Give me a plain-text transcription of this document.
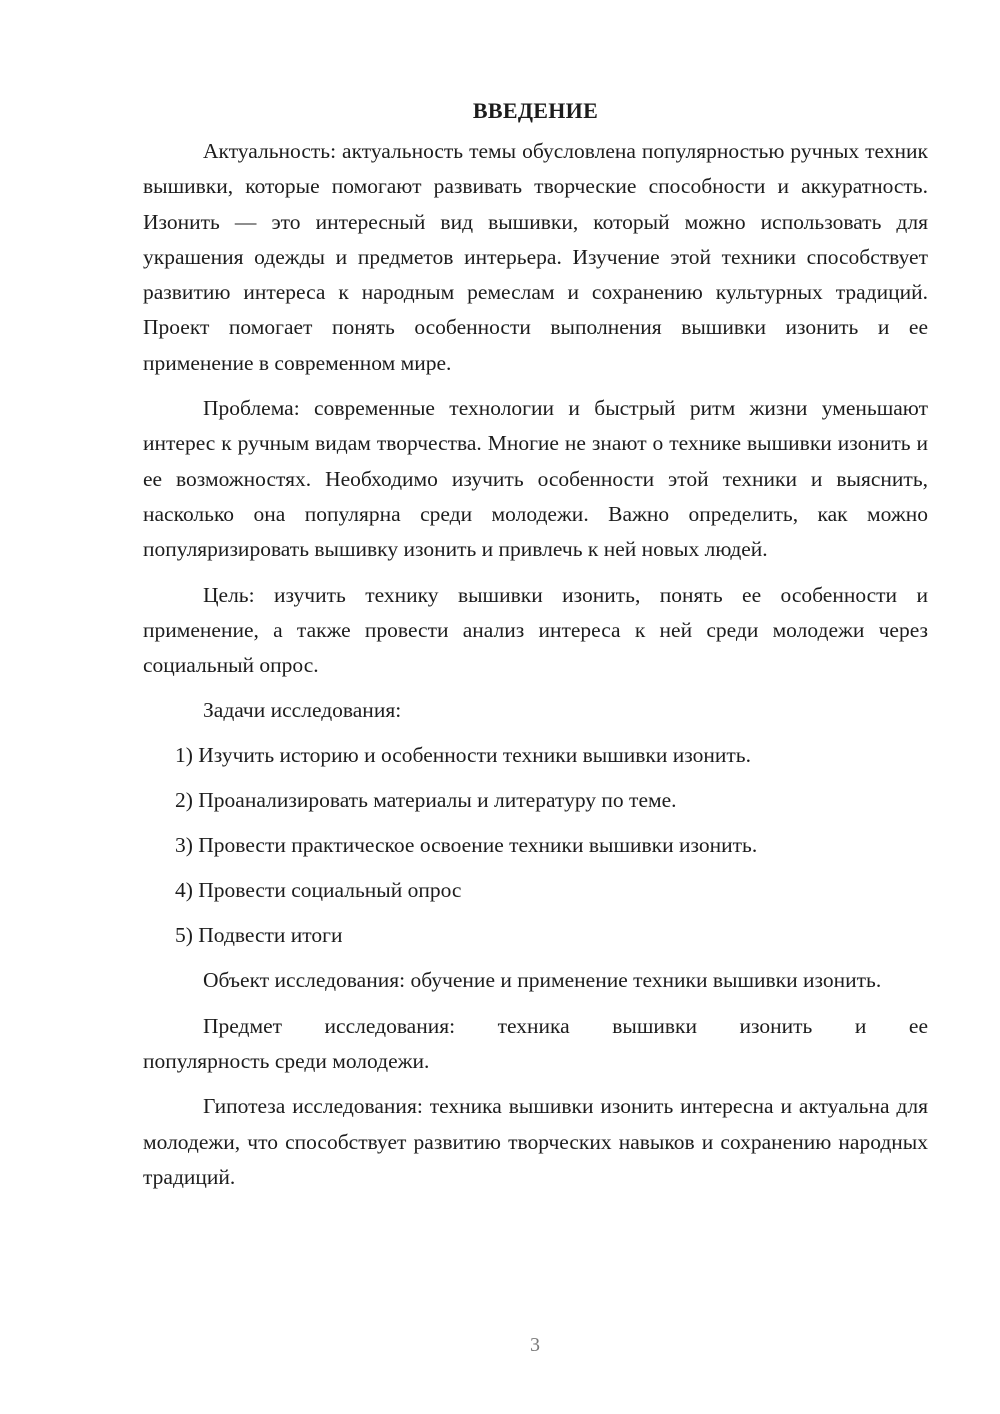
ВВЕДЕНИЕ

Актуальность: актуальность темы обусловлена популярностью ручных техник вышивки, которые помогают развивать творческие способности и аккуратность. Изонить — это интересный вид вышивки, который можно использовать для украшения одежды и предметов интерьера. Изучение этой техники способствует развитию интереса к народным ремеслам и сохранению культурных традиций. Проект помогает понять особенности выполнения вышивки изонить и ее применение в современном мире.

Проблема: современные технологии и быстрый ритм жизни уменьшают интерес к ручным видам творчества. Многие не знают о технике вышивки изонить и ее возможностях. Необходимо изучить особенности этой техники и выяснить, насколько она популярна среди молодежи. Важно определить, как можно популяризировать вышивку изонить и привлечь к ней новых людей.

Цель: изучить технику вышивки изонить, понять ее особенности и применение, а также провести анализ интереса к ней среди молодежи через социальный опрос.

Задачи исследования:
1) Изучить историю и особенности техники вышивки изонить.
2) Проанализировать материалы и литературу по теме.
3) Провести практическое освоение техники вышивки изонить.
4) Провести социальный опрос
5) Подвести итоги

Объект исследования: обучение и применение техники вышивки изонить.

Предмет исследования: техника вышивки изонить и ее
популярность среди молодежи.

Гипотеза исследования: техника вышивки изонить интересна и актуальна для молодежи, что способствует развитию творческих навыков и сохранению народных традиций.

3
